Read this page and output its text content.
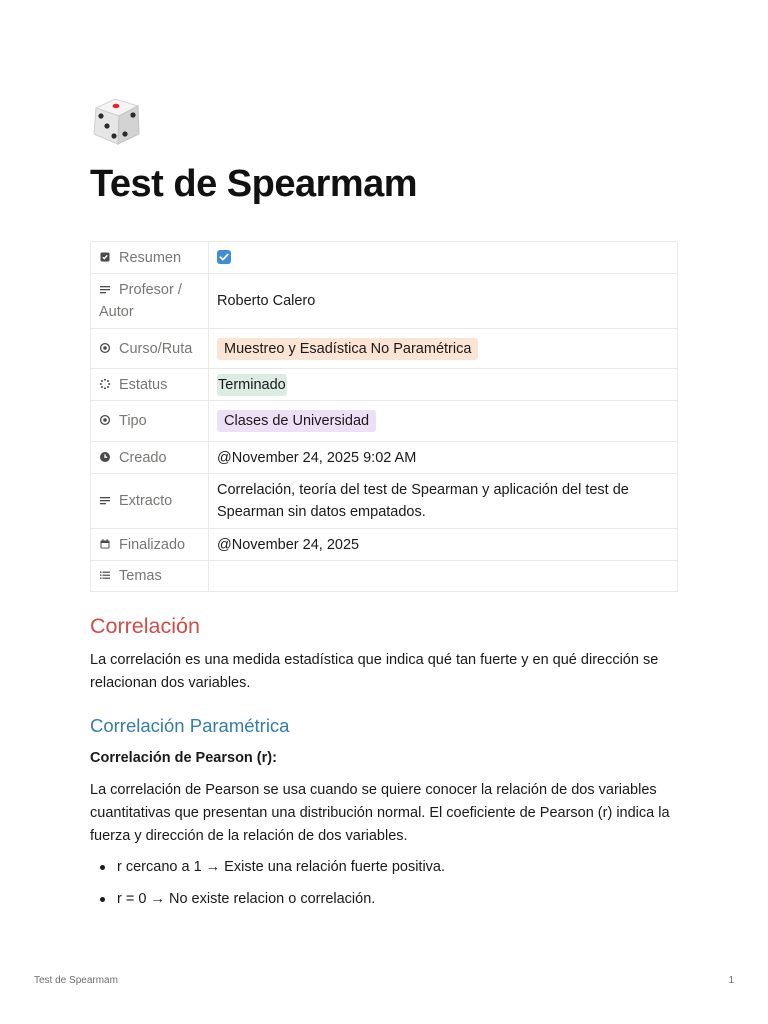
Test de Spearmam
Resumen	

Profesor / Autor	Roberto Calero
Curso/Ruta	Muestreo y Esadística No Paramétrica
Estatus	Terminado
Tipo	Clases de Universidad
Creado	@November 24, 2025 9:02 AM
Extracto	Correlación, teoría del test de Spearman y aplicación del test de Spearman sin datos empatados.
Finalizado	@November 24, 2025
Temas	
Correlación

La correlación es una medida estadística que indica qué tan fuerte y en qué dirección se relacionan dos variables.

Correlación Paramétrica

Correlación de Pearson (r):

La correlación de Pearson se usa cuando se quiere conocer la relación de dos variables cuantitativas que presentan una distribución normal. El coeficiente de Pearson (r) indica la fuerza y dirección de la relación de dos variables.

r cercano a 1 → Existe una relación fuerte positiva.
r = 0 → No existe relacion o correlación.
Test de Spearmam	1
